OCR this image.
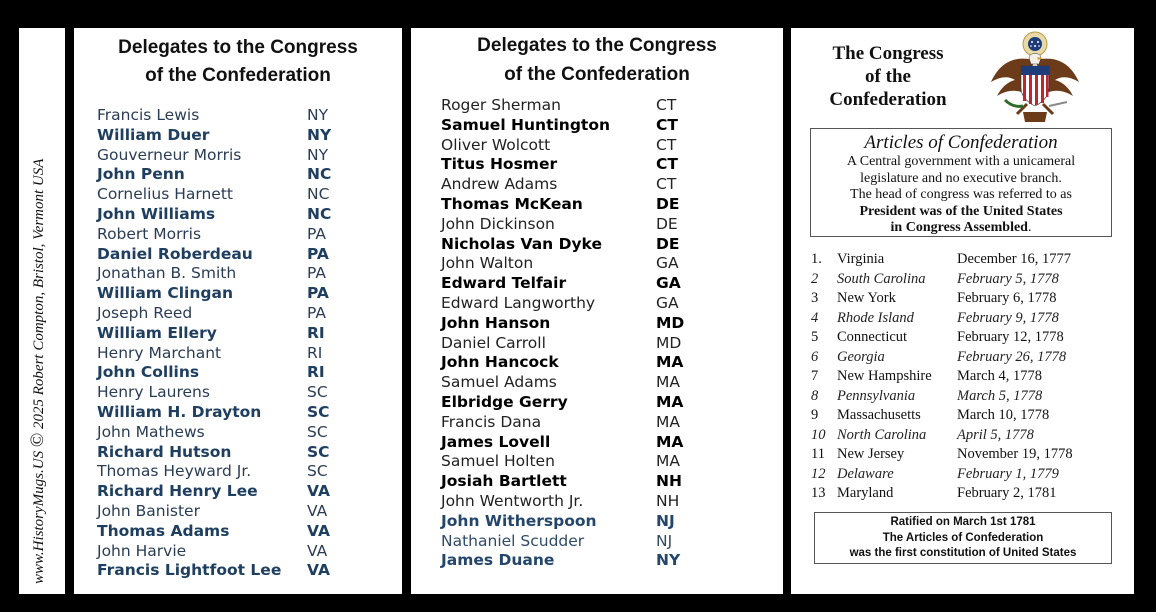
www.HistoryMugs.US © 2025 Robert Compton, Bristol, Vermont USA
Delegates to the Congress
of the Confederation
Francis Lewis	NY
William Duer	NY
Gouverneur Morris	NY
John Penn	NC
Cornelius Harnett	NC
John Williams	NC
Robert Morris	PA
Daniel Roberdeau	PA
Jonathan B. Smith	PA
William Clingan	PA
Joseph Reed	PA
William Ellery	RI
Henry Marchant	RI
John Collins	RI
Henry Laurens	SC
William H. Drayton	SC
John Mathews	SC
Richard Hutson	SC
Thomas Heyward Jr.	SC
Richard Henry Lee	VA
John Banister	VA
Thomas Adams	VA
John Harvie	VA
Francis Lightfoot Lee VA
Delegates to the Congress
of the Confederation
Roger Sherman	CT
Samuel Huntington	CT
Oliver Wolcott	CT
Titus Hosmer	CT
Andrew Adams	CT
Thomas McKean	DE
John Dickinson	DE
Nicholas Van Dyke	DE
John Walton	GA
Edward Telfair	GA
Edward Langworthy	GA
John Hanson	MD
Daniel Carroll	MD
John Hancock	MA
Samuel Adams	MA
Elbridge Gerry	MA
Francis Dana	MA
James Lovell	MA
Samuel Holten	MA
Josiah Bartlett	NH
John Wentworth Jr.	NH
John Witherspoon	NJ
Nathaniel Scudder	NJ
James Duane	NY
The Congress
of the
Confederation
Articles of Confederation
A Central government with a unicameral
legislature and no executive branch.
The head of congress was referred to as
President was of the United States
in Congress Assembled.
1. Virginia	December 16, 1777
2 South Carolina February 5, 1778
3 New York	February 6, 1778
4 Rhode Island	February 9, 1778
5 Connecticut	February 12, 1778
6 Georgia	February 26, 1778
7 New Hampshire March 4, 1778
8 Pennsylvania	March 5, 1778
9 Massachusetts March 10, 1778
10 North Carolina April 5, 1778
11 New Jersey	November 19, 1778
12 Delaware	February 1, 1779
13 Maryland	February 2, 1781
Ratified on March 1st 1781
The Articles of Confederation
was the first constitution of United States
